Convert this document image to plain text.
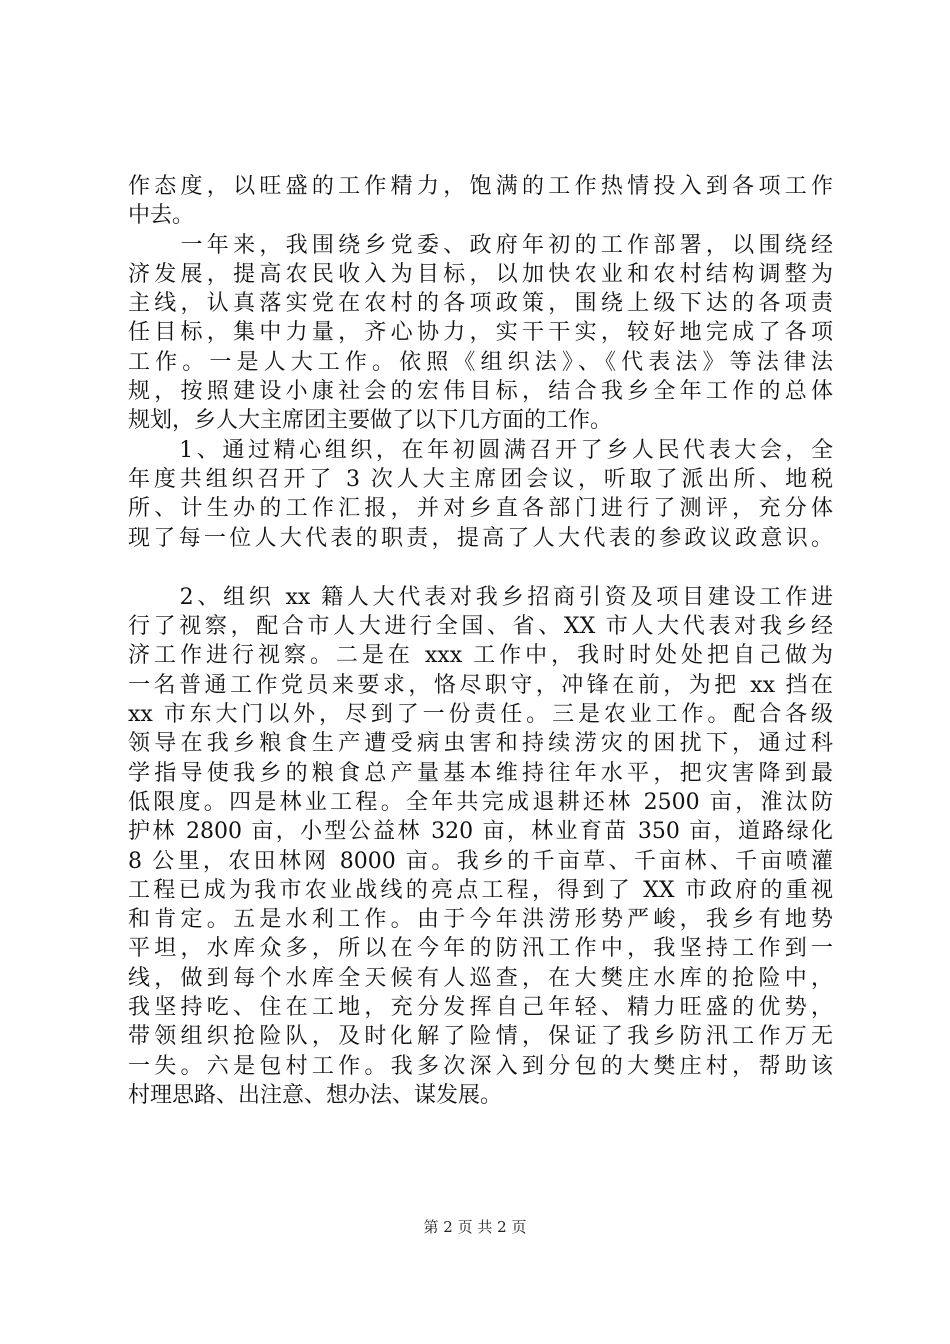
作态度，以旺盛的工作精力，饱满的工作热情投入到各项工作
中去。
　　一年来，我围绕乡党委、政府年初的工作部署，以围绕经
济发展，提高农民收入为目标，以加快农业和农村结构调整为
主线，认真落实党在农村的各项政策，围绕上级下达的各项责
任目标，集中力量，齐心协力，实干干实，较好地完成了各项
工作。一是人大工作。依照《组织法》、《代表法》等法律法
规，按照建设小康社会的宏伟目标，结合我乡全年工作的总体
规划，乡人大主席团主要做了以下几方面的工作。
　　1、通过精心组织，在年初圆满召开了乡人民代表大会，全
年度共组织召开了 3 次人大主席团会议，听取了派出所、地税
所、计生办的工作汇报，并对乡直各部门进行了测评，充分体
现了每一位人大代表的职责，提高了人大代表的参政议政意识。
　　2、组织 xx 籍人大代表对我乡招商引资及项目建设工作进
行了视察，配合市人大进行全国、省、XX 市人大代表对我乡经
济工作进行视察。二是在 xxx 工作中，我时时处处把自己做为
一名普通工作党员来要求，恪尽职守，冲锋在前，为把 xx 挡在
xx 市东大门以外，尽到了一份责任。三是农业工作。配合各级
领导在我乡粮食生产遭受病虫害和持续涝灾的困扰下，通过科
学指导使我乡的粮食总产量基本维持往年水平，把灾害降到最
低限度。四是林业工程。全年共完成退耕还林 2500 亩，淮汰防
护林 2800 亩，小型公益林 320 亩，林业育苗 350 亩，道路绿化
8 公里，农田林网 8000 亩。我乡的千亩草、千亩林、千亩喷灌
工程已成为我市农业战线的亮点工程，得到了 XX 市政府的重视
和肯定。五是水利工作。由于今年洪涝形势严峻，我乡有地势
平坦，水库众多，所以在今年的防汛工作中，我坚持工作到一
线，做到每个水库全天候有人巡查，在大樊庄水库的抢险中，
我坚持吃、住在工地，充分发挥自己年轻、精力旺盛的优势，
带领组织抢险队，及时化解了险情，保证了我乡防汛工作万无
一失。六是包村工作。我多次深入到分包的大樊庄村，帮助该
村理思路、出注意、想办法、谋发展。
第 2 页 共 2 页
